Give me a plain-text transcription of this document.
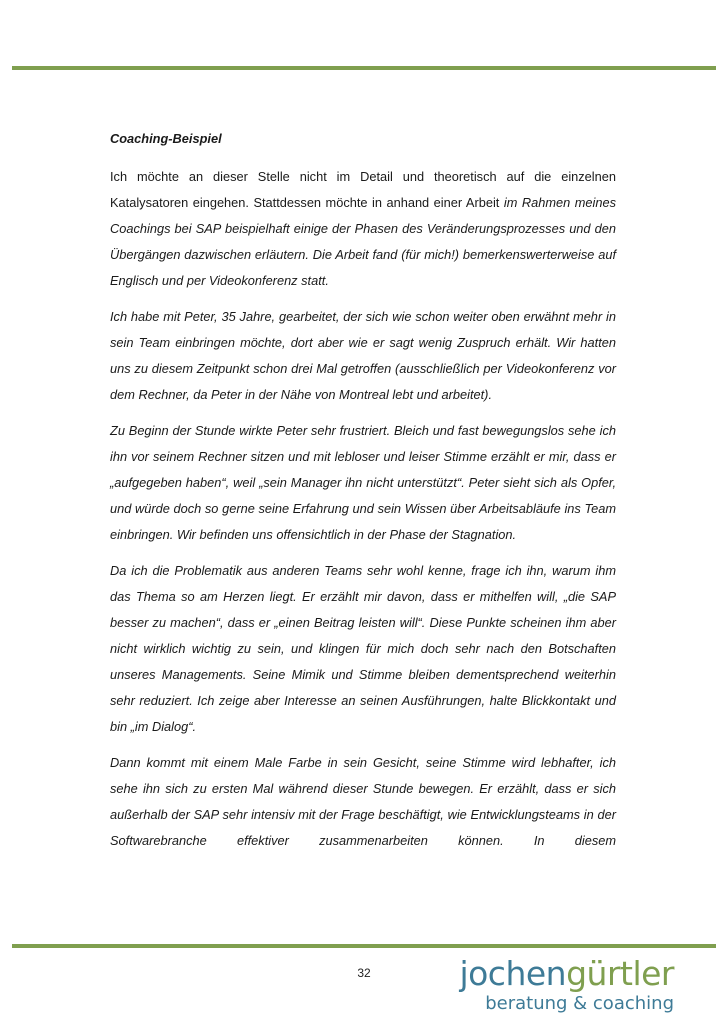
Coaching-Beispiel

Ich möchte an dieser Stelle nicht im Detail und theoretisch auf die einzelnen Katalysatoren eingehen. Stattdessen möchte in anhand einer Arbeit im Rahmen meines Coachings bei SAP beispielhaft einige der Phasen des Veränderungsprozesses und den Übergängen dazwischen erläutern. Die Arbeit fand (für mich!) bemerkenswerterweise auf Englisch und per Videokonferenz statt.

Ich habe mit Peter, 35 Jahre, gearbeitet, der sich wie schon weiter oben erwähnt mehr in sein Team einbringen möchte, dort aber wie er sagt wenig Zuspruch erhält. Wir hatten uns zu diesem Zeitpunkt schon drei Mal getroffen (ausschließlich per Videokonferenz vor dem Rechner, da Peter in der Nähe von Montreal lebt und arbeitet).

Zu Beginn der Stunde wirkte Peter sehr frustriert. Bleich und fast bewegungslos sehe ich ihn vor seinem Rechner sitzen und mit lebloser und leiser Stimme erzählt er mir, dass er „aufgegeben haben“, weil „sein Manager ihn nicht unterstützt“. Peter sieht sich als Opfer, und würde doch so gerne seine Erfahrung und sein Wissen über Arbeitsabläufe ins Team einbringen. Wir befinden uns offensichtlich in der Phase der Stagnation.

Da ich die Problematik aus anderen Teams sehr wohl kenne, frage ich ihn, warum ihm das Thema so am Herzen liegt. Er erzählt mir davon, dass er mithelfen will, „die SAP besser zu machen“, dass er „einen Beitrag leisten will“. Diese Punkte scheinen ihm aber nicht wirklich wichtig zu sein, und klingen für mich doch sehr nach den Botschaften unseres Managements. Seine Mimik und Stimme bleiben dementsprechend weiterhin sehr reduziert. Ich zeige aber Interesse an seinen Ausführungen, halte Blickkontakt und bin „im Dialog“.

Dann kommt mit einem Male Farbe in sein Gesicht, seine Stimme wird lebhafter, ich sehe ihn sich zu ersten Mal während dieser Stunde bewegen. Er erzählt, dass er sich außerhalb der SAP sehr intensiv mit der Frage beschäftigt, wie Entwicklungsteams in der Softwarebranche effektiver zusammenarbeiten können. In diesem

32	jochengürtler
beratung & coaching
